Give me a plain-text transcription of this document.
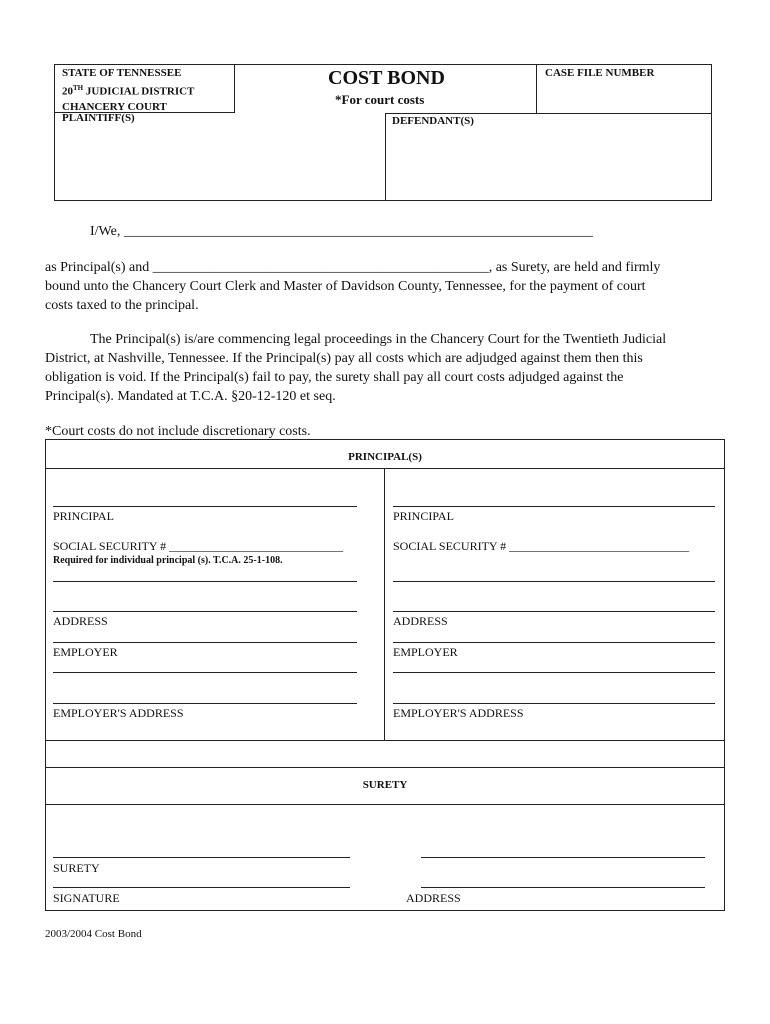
STATE OF TENNESSEE
20TH JUDICIAL DISTRICT
CHANCERY COURT
COST BOND
*For court costs
CASE FILE NUMBER
PLAINTIFF(S)	DEFENDANT(S)
I/We, ___________________________________________________________________
as Principal(s) and ________________________________________________, as Surety, are held and firmly
bound unto the Chancery Court Clerk and Master of Davidson County, Tennessee, for the payment of court
costs taxed to the principal.
The Principal(s) is/are commencing legal proceedings in the Chancery Court for the Twentieth Judicial
District, at Nashville, Tennessee. If the Principal(s) pay all costs which are adjudged against them then this
obligation is void. If the Principal(s) fail to pay, the surety shall pay all court costs adjudged against the
Principal(s). Mandated at T.C.A. §20-12-120 et seq.
*Court costs do not include discretionary costs.
PRINCIPAL(S)
PRINCIPAL
SOCIAL SECURITY # _____________________________
Required for individual principal (s). T.C.A. 25-1-108.
ADDRESS
EMPLOYER
EMPLOYER'S ADDRESS
PRINCIPAL
SOCIAL SECURITY # ______________________________
ADDRESS
EMPLOYER
EMPLOYER'S ADDRESS
SURETY
SURETY
SIGNATURE	ADDRESS
2003/2004 Cost Bond
